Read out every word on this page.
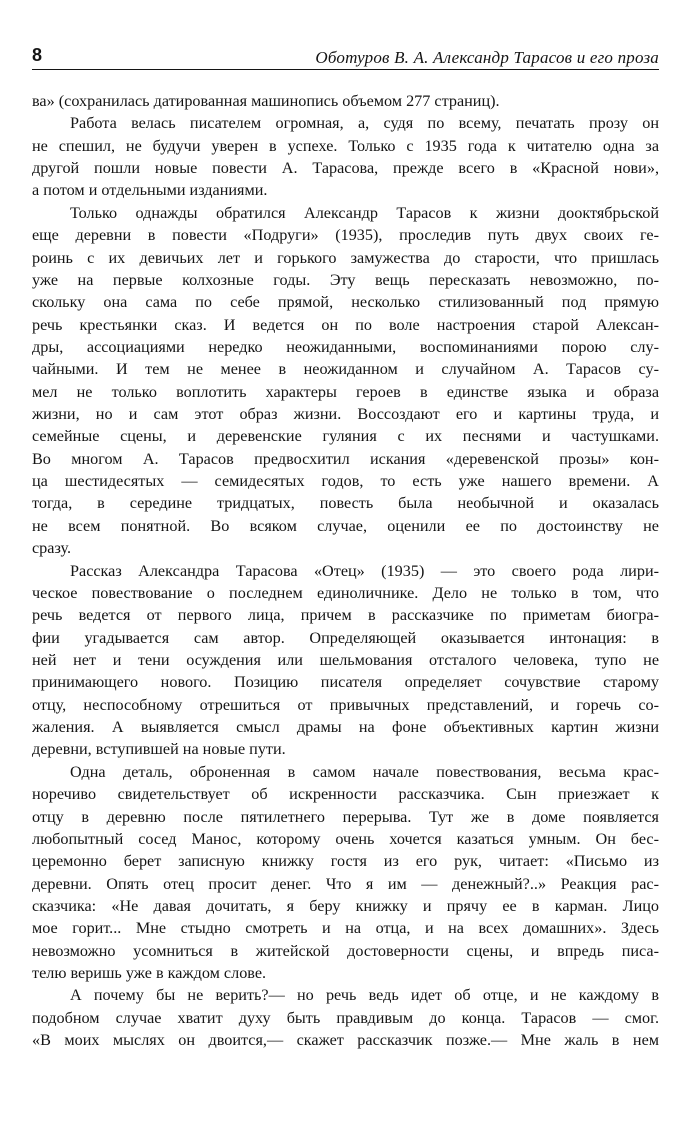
8	Оботуров В. А. Александр Тарасов и его проза
ва» (сохранилась датированная машинопись объемом 277 страниц).
Работа велась писателем огромная, а, судя по всему, печатать прозу он
не спешил, не будучи уверен в успехе. Только с 1935 года к читателю одна за
другой пошли новые повести А. Тарасова, прежде всего в «Красной нови»,
а потом и отдельными изданиями.
Только однажды обратился Александр Тарасов к жизни дооктябрьской
еще деревни в повести «Подруги» (1935), проследив путь двух своих ге-
роинь с их девичьих лет и горького замужества до старости, что пришлась
уже на первые колхозные годы. Эту вещь пересказать невозможно, по-
скольку она сама по себе прямой, несколько стилизованный под прямую
речь крестьянки сказ. И ведется он по воле настроения старой Алексан-
дры, ассоциациями нередко неожиданными, воспоминаниями порою слу-
чайными. И тем не менее в неожиданном и случайном А. Тарасов су-
мел не только воплотить характеры героев в единстве языка и образа
жизни, но и сам этот образ жизни. Воссоздают его и картины труда, и
семейные сцены, и деревенские гуляния с их песнями и частушками.
Во многом А. Тарасов предвосхитил искания «деревенской прозы» кон-
ца шестидесятых — семидесятых годов, то есть уже нашего времени. А
тогда, в середине тридцатых, повесть была необычной и оказалась
не всем понятной. Во всяком случае, оценили ее по достоинству не
сразу.
Рассказ Александра Тарасова «Отец» (1935) — это своего рода лири-
ческое повествование о последнем единоличнике. Дело не только в том, что
речь ведется от первого лица, причем в рассказчике по приметам биогра-
фии угадывается сам автор. Определяющей оказывается интонация: в
ней нет и тени осуждения или шельмования отсталого человека, тупо не
принимающего нового. Позицию писателя определяет сочувствие старому
отцу, неспособному отрешиться от привычных представлений, и горечь со-
жаления. А выявляется смысл драмы на фоне объективных картин жизни
деревни, вступившей на новые пути.
Одна деталь, оброненная в самом начале повествования, весьма крас-
норечиво свидетельствует об искренности рассказчика. Сын приезжает к
отцу в деревню после пятилетнего перерыва. Тут же в доме появляется
любопытный сосед Манос, которому очень хочется казаться умным. Он бес-
церемонно берет записную книжку гостя из его рук, читает: «Письмо из
деревни. Опять отец просит денег. Что я им — денежный?..» Реакция рас-
сказчика: «Не давая дочитать, я беру книжку и прячу ее в карман. Лицо
мое горит... Мне стыдно смотреть и на отца, и на всех домашних». Здесь
невозможно усомниться в житейской достоверности сцены, и впредь писа-
телю веришь уже в каждом слове.
А почему бы не верить?— но речь ведь идет об отце, и не каждому в
подобном случае хватит духу быть правдивым до конца. Тарасов — смог.
«В моих мыслях он двоится,— скажет рассказчик позже.— Мне жаль в нем
